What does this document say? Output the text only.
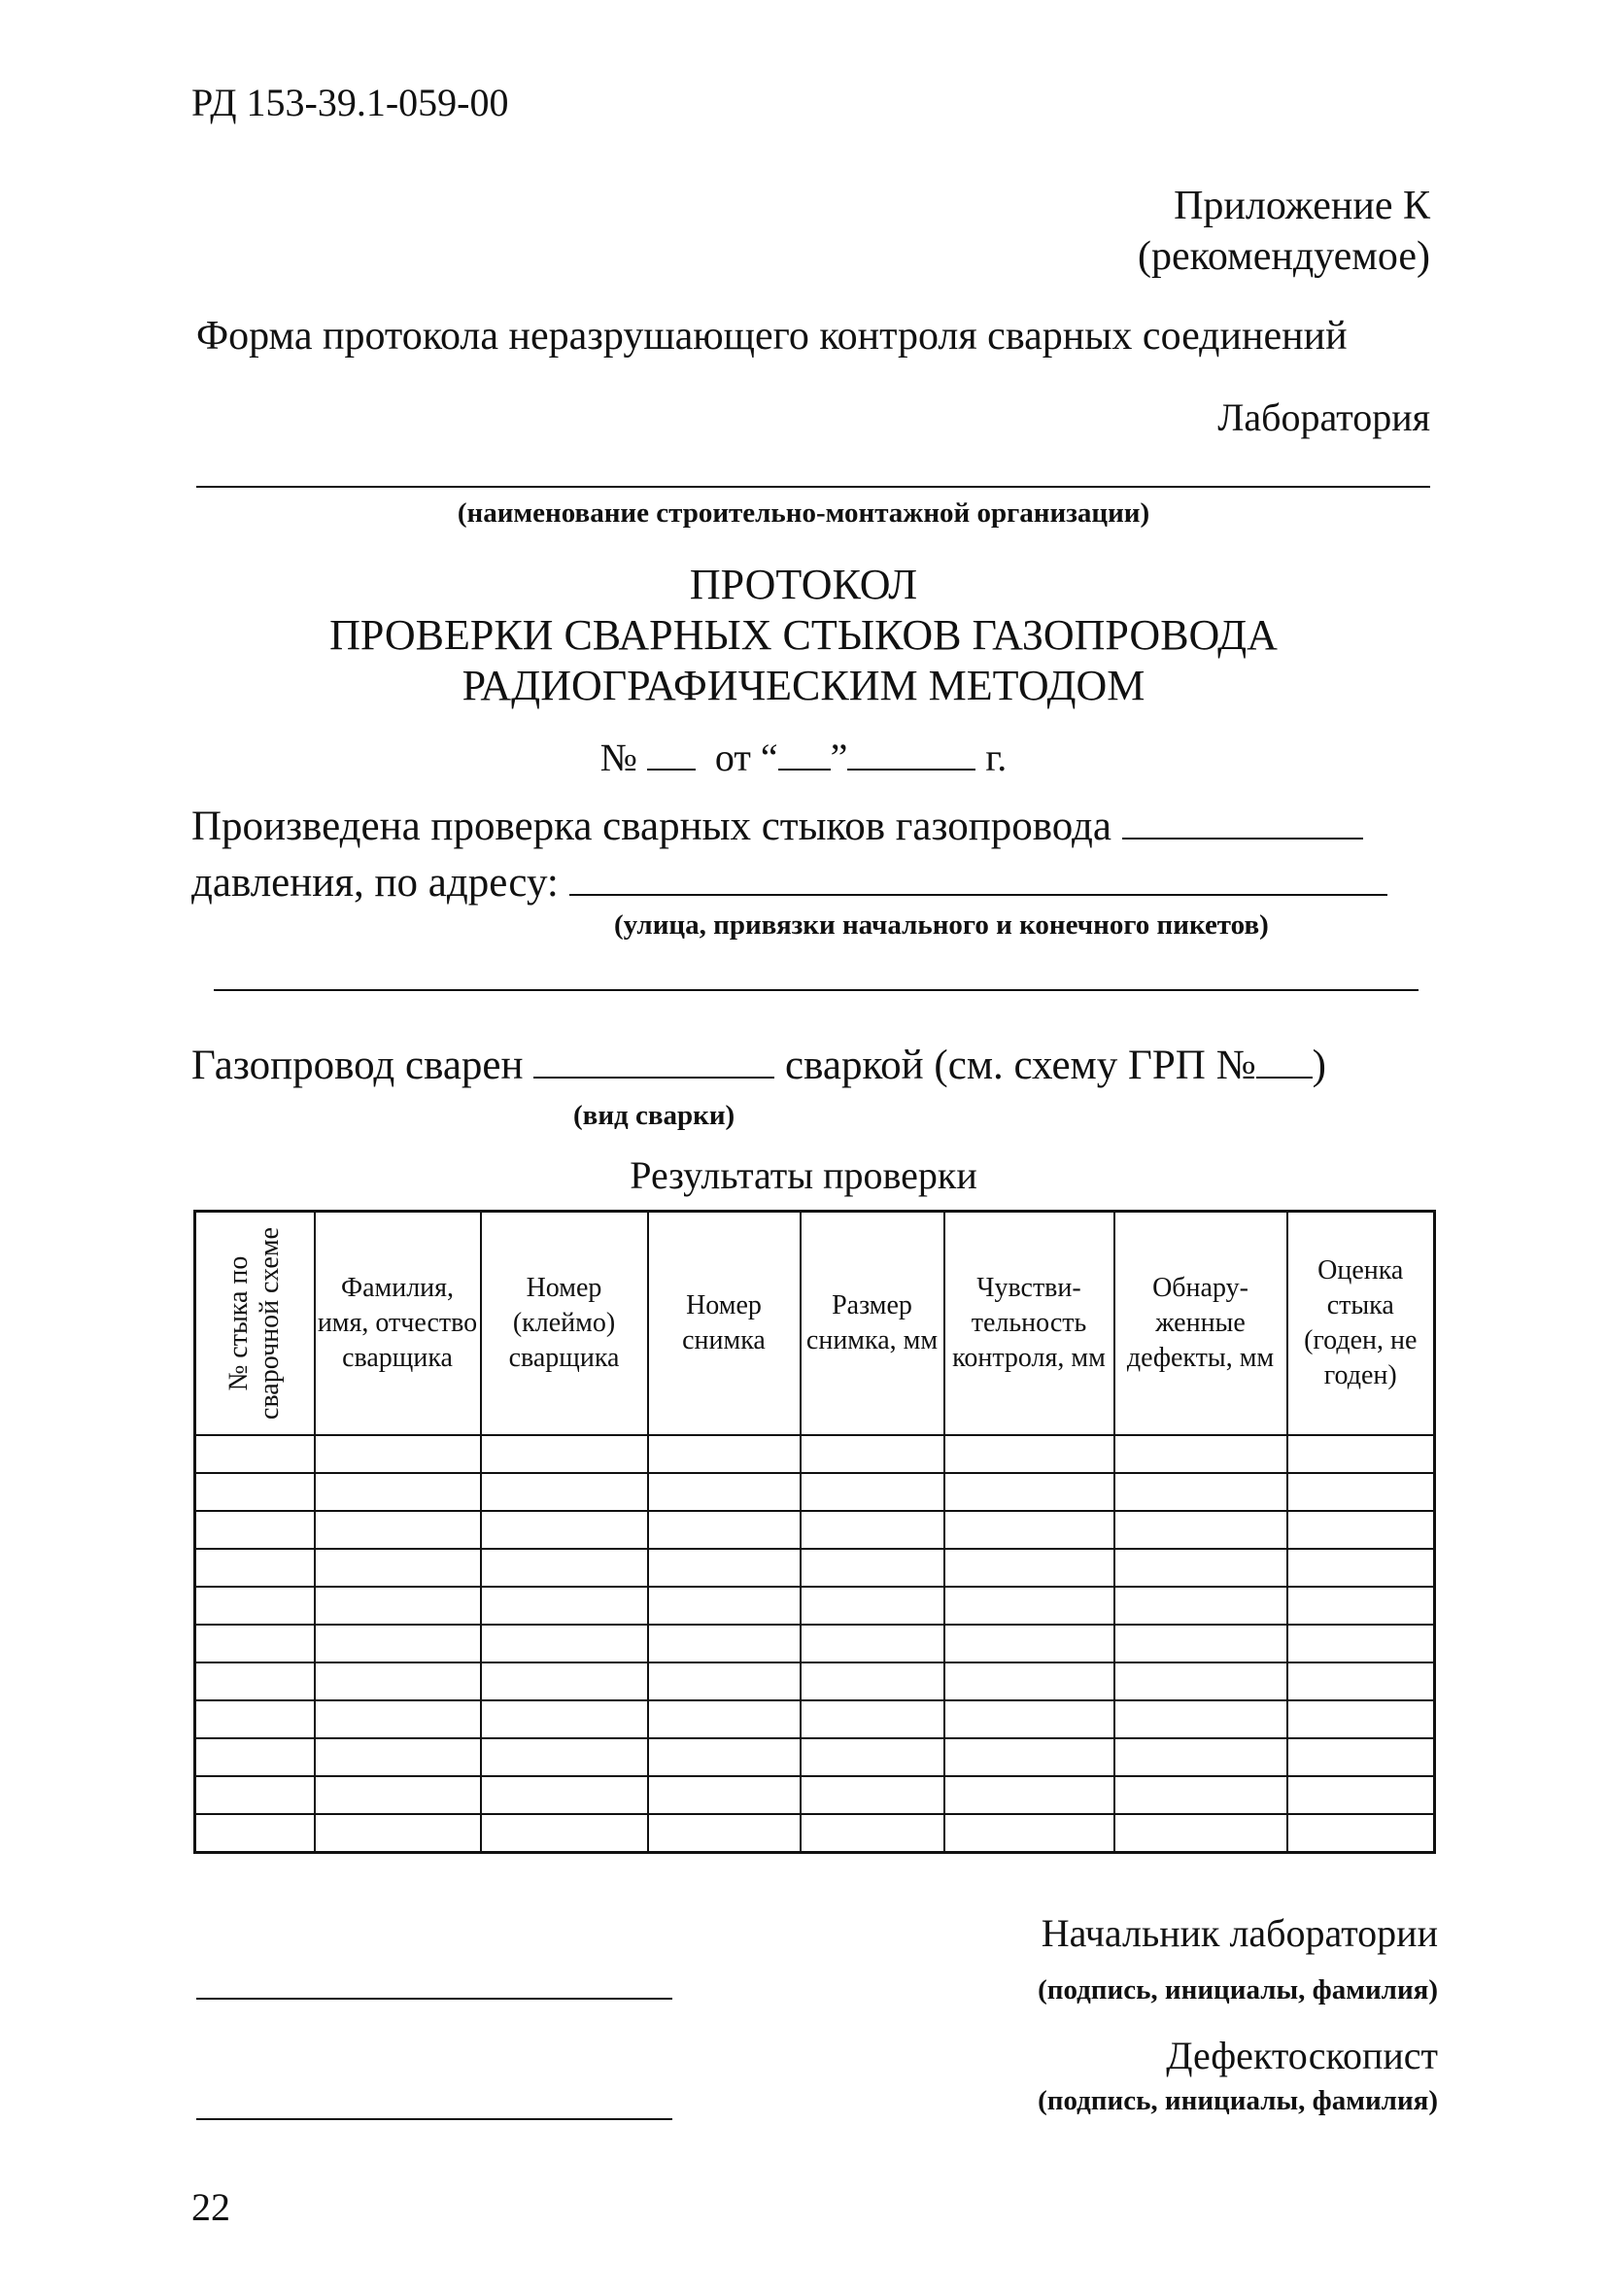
РД 153-39.1-059-00
Приложение К
(рекомендуемое)
Форма протокола неразрушающего контроля сварных соединений
Лаборатория
(наименование строительно-монтажной организации)
ПРОТОКОЛ
ПРОВЕРКИ СВАРНЫХ СТЫКОВ ГАЗОПРОВОДА
РАДИОГРАФИЧЕСКИМ МЕТОДОМ
№ от “ ”	г.
Произведена проверка сварных стыков газопровода
давления, по адресу:
(улица, привязки начального и конечного пикетов)
Газопровод сварен	сваркой (см. схему ГРП № )
(вид сварки)
Результаты проверки
№ стыка по сварочной схеме	Фамилия, имя, отчество сварщика	Номер (клеймо) сварщика	Номер снимка	Размер снимка, мм	Чувстви-тельность контроля, мм	Обнару-женные дефекты, мм	Оценка стыка (годен, не годен)

Начальник лаборатории
(подпись, инициалы, фамилия)
Дефектоскопист
(подпись, инициалы, фамилия)
22
